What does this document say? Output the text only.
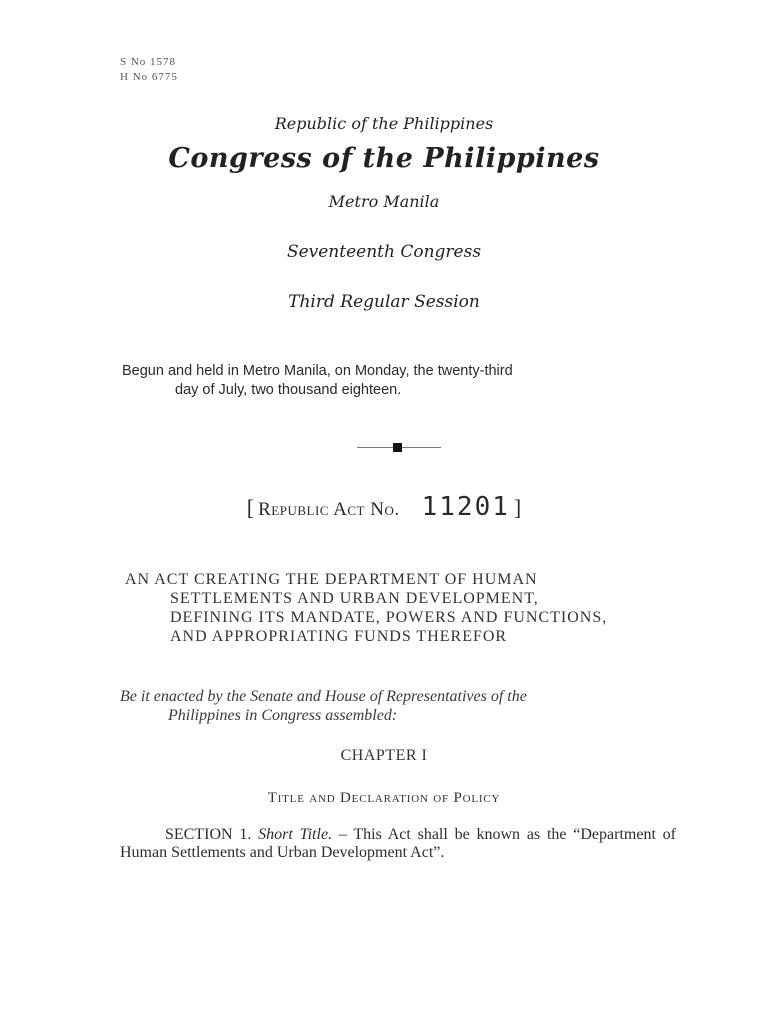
S No 1578
H No 6775
Republic of the Philippines
Congress of the Philippines
Metro Manila
Seventeenth Congress
Third Regular Session
Begun and held in Metro Manila, on Monday, the twenty-third
day of July, two thousand eighteen.
[ Republic Act No. 11201 ]
AN ACT CREATING THE DEPARTMENT OF HUMAN
SETTLEMENTS AND URBAN DEVELOPMENT,
DEFINING ITS MANDATE, POWERS AND FUNCTIONS,
AND APPROPRIATING FUNDS THEREFOR
Be it enacted by the Senate and House of Representatives of the
Philippines in Congress assembled:
CHAPTER I
Title and Declaration of Policy
SECTION 1. Short Title. – This Act shall be known as the “Department of Human Settlements and Urban Development Act”.
